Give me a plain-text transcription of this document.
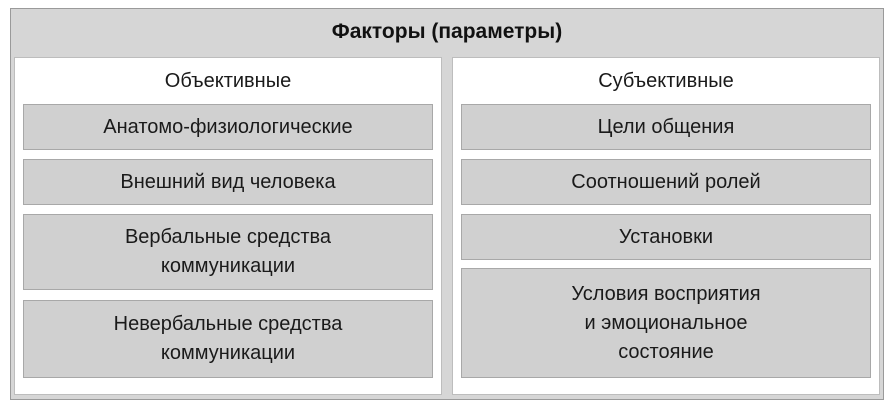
Факторы (параметры)
Объективные
Анатомо-физиологические
Внешний вид человека
Вербальные средства
коммуникации
Невербальные средства
коммуникации
Субъективные
Цели общения
Соотношений ролей
Установки
Условия восприятия
и эмоциональное
состояние
